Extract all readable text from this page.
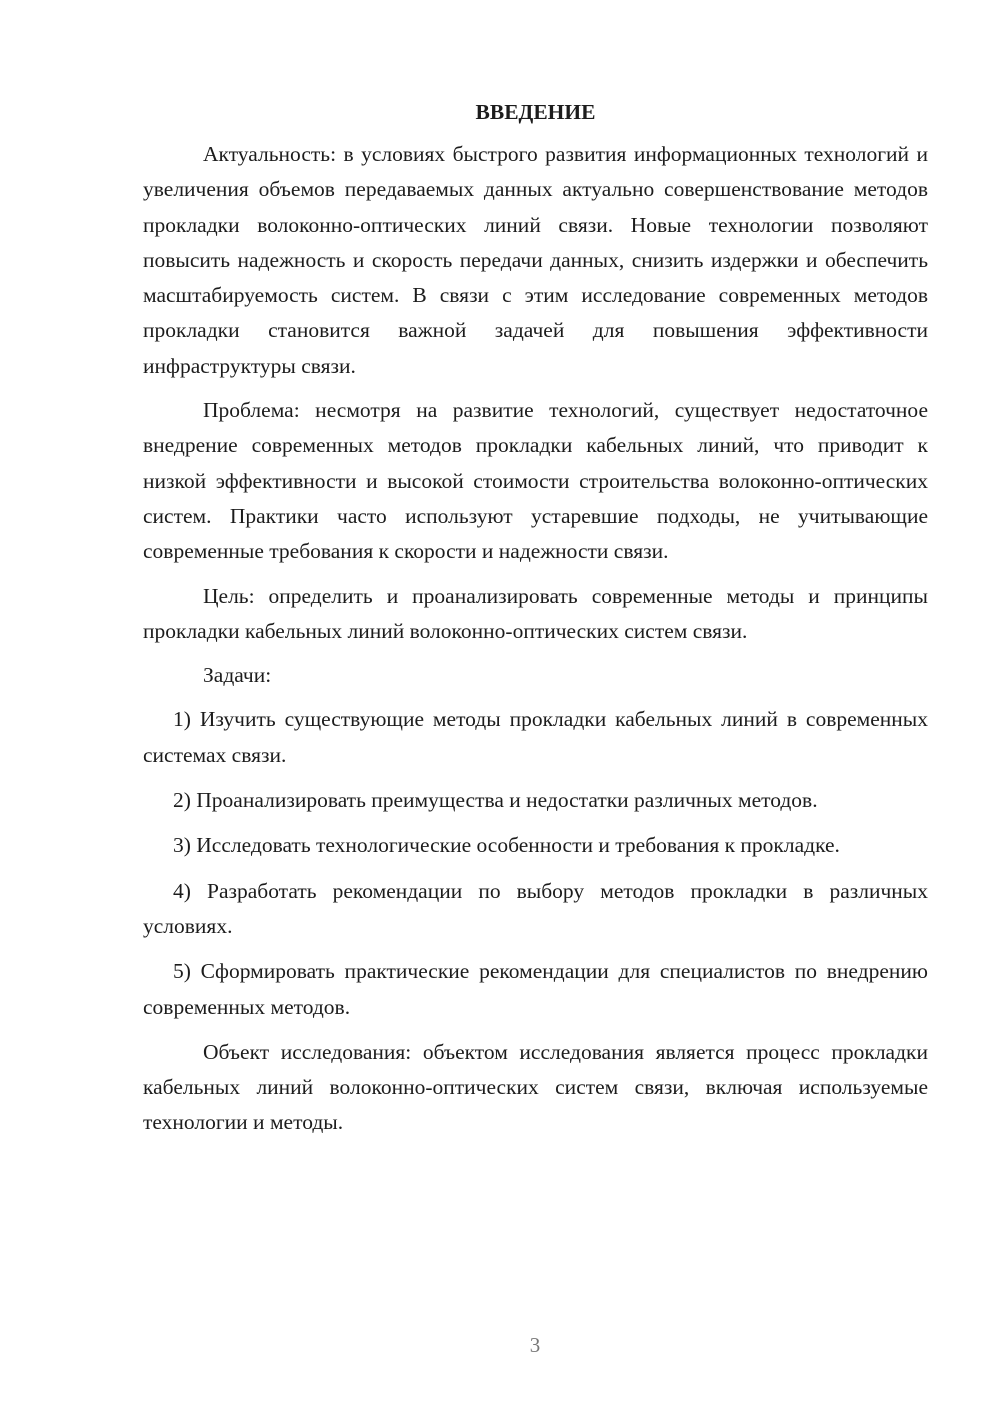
ВВЕДЕНИЕ

Актуальность: в условиях быстрого развития информационных технологий и увеличения объемов передаваемых данных актуально совершенствование методов прокладки волоконно-оптических линий связи. Новые технологии позволяют повысить надежность и скорость передачи данных, снизить издержки и обеспечить масштабируемость систем. В связи с этим исследование современных методов прокладки становится важной задачей для повышения эффективности инфраструктуры связи.

Проблема: несмотря на развитие технологий, существует недостаточное внедрение современных методов прокладки кабельных линий, что приводит к низкой эффективности и высокой стоимости строительства волоконно-оптических систем. Практики часто используют устаревшие подходы, не учитывающие современные требования к скорости и надежности связи.

Цель: определить и проанализировать современные методы и принципы прокладки кабельных линий волоконно-оптических систем связи.

Задачи:

1) Изучить существующие методы прокладки кабельных линий в современных системах связи.

2) Проанализировать преимущества и недостатки различных методов.

3) Исследовать технологические особенности и требования к прокладке.

4) Разработать рекомендации по выбору методов прокладки в различных условиях.

5) Сформировать практические рекомендации для специалистов по внедрению современных методов.

Объект исследования: объектом исследования является процесс прокладки кабельных линий волоконно-оптических систем связи, включая используемые технологии и методы.

3
